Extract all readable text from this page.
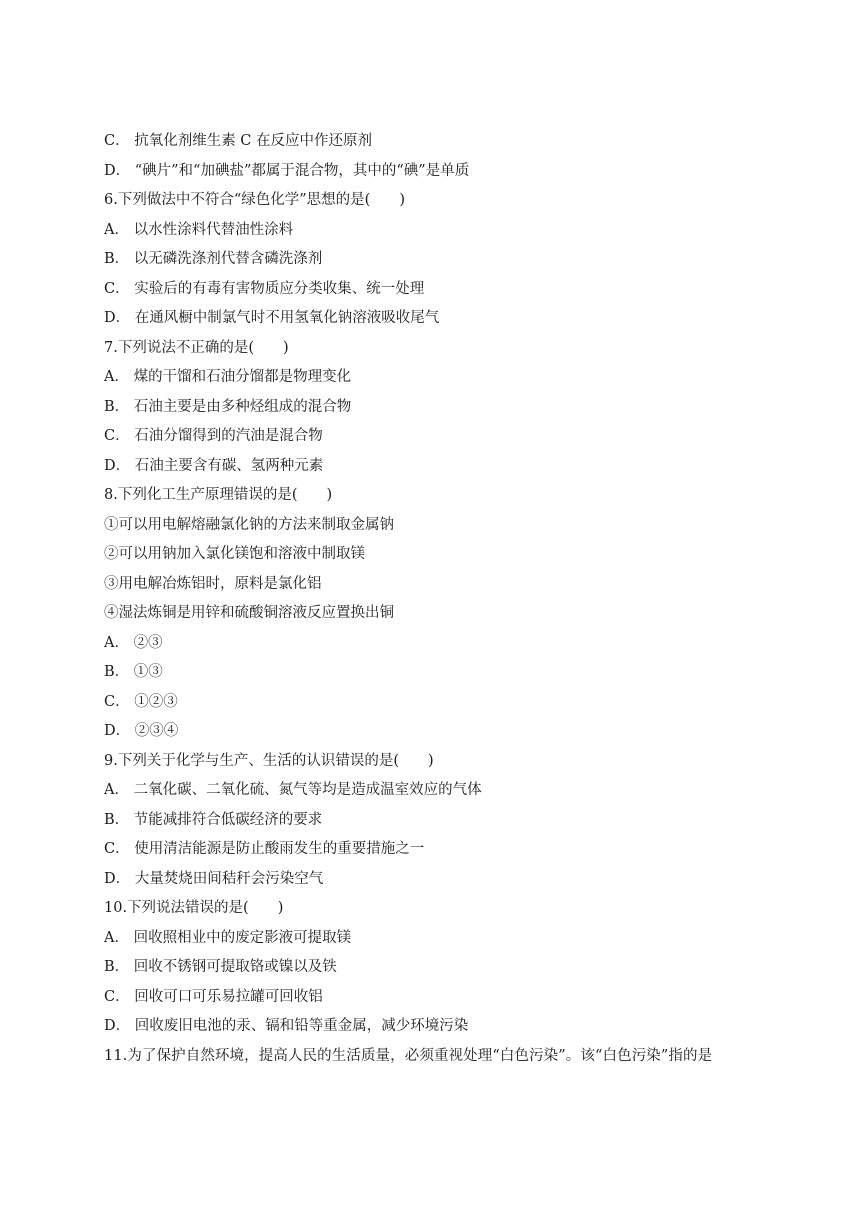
C． 抗氧化剂维生素 C 在反应中作还原剂
D． “碘片”和“加碘盐”都属于混合物，其中的“碘”是单质
6.下列做法中不符合“绿色化学”思想的是(　　)
A． 以水性涂料代替油性涂料
B． 以无磷洗涤剂代替含磷洗涤剂
C． 实验后的有毒有害物质应分类收集、统一处理
D． 在通风橱中制氯气时不用氢氧化钠溶液吸收尾气
7.下列说法不正确的是(　　)
A． 煤的干馏和石油分馏都是物理变化
B． 石油主要是由多种烃组成的混合物
C． 石油分馏得到的汽油是混合物
D． 石油主要含有碳、氢两种元素
8.下列化工生产原理错误的是(　　)
①可以用电解熔融氯化钠的方法来制取金属钠
②可以用钠加入氯化镁饱和溶液中制取镁
③用电解冶炼铝时，原料是氯化铝
④湿法炼铜是用锌和硫酸铜溶液反应置换出铜
A． ②③
B． ①③
C． ①②③
D． ②③④
9.下列关于化学与生产、生活的认识错误的是(　　)
A． 二氧化碳、二氧化硫、氮气等均是造成温室效应的气体
B． 节能减排符合低碳经济的要求
C． 使用清洁能源是防止酸雨发生的重要措施之一
D． 大量焚烧田间秸秆会污染空气
10.下列说法错误的是(　　)
A． 回收照相业中的废定影液可提取镁
B． 回收不锈钢可提取铬或镍以及铁
C． 回收可口可乐易拉罐可回收铝
D． 回收废旧电池的汞、镉和铅等重金属，减少环境污染
11.为了保护自然环境，提高人民的生活质量，必须重视处理“白色污染”。该“白色污染”指的是
